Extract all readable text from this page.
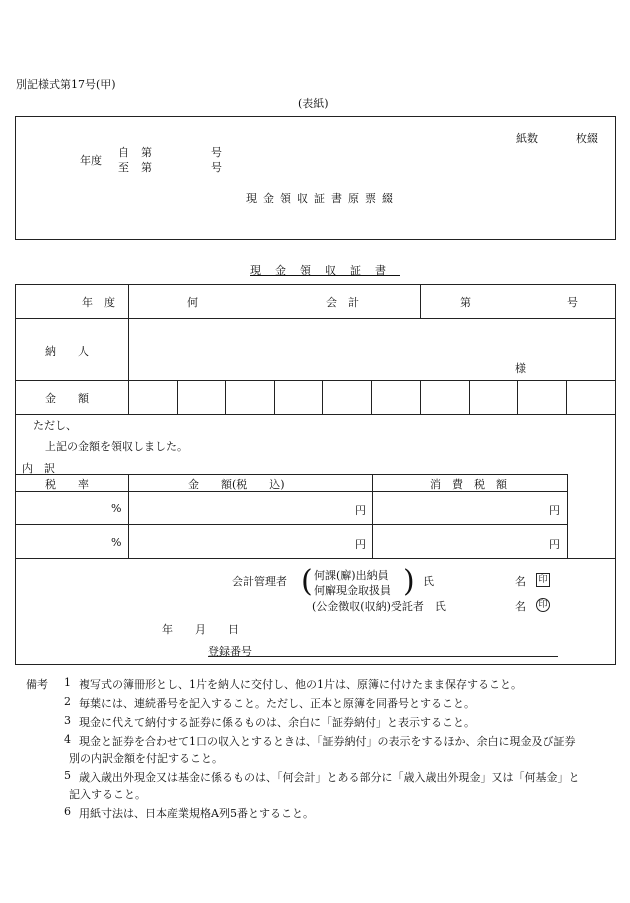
別記様式第17号(甲)
(表紙)
紙数	枚綴
年度
自 第	号
至 第	号
現金領収証書原票綴
現金領収証書
年　度	何	会　計	第	号
納　　人
様
金　　額
ただし、
上記の金額を領収しました。
内　訳
税　　率	金　　額(税　　込)	消　費　税　額
%	円	円
%	円	円
会計管理者 (	)
何課(廨)出納員
何廨現金取扱員
氏	名 印
(公金徴収(収納)受託者　氏	名 印
年　　月　　日
登録番号
備考 1 複写式の簿冊形とし、1片を納人に交付し、他の1片は、原簿に付けたまま保存すること。
2 毎葉には、連続番号を記入すること。ただし、正本と原簿を同番号とすること。
3 現金に代えて納付する証券に係るものは、余白に「証券納付」と表示すること。
4 現金と証券を合わせて1口の収入とするときは、「証券納付」の表示をするほか、余白に現金及び証券
別の内訳金額を付記すること。
5 歳入歳出外現金又は基金に係るものは、「何会計」とある部分に「歳入歳出外現金」又は「何基金」と
記入すること。
6 用紙寸法は、日本産業規格A列5番とすること。
